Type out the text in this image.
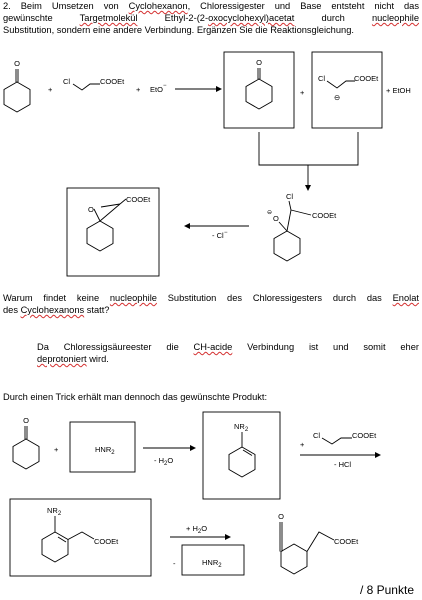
2. Beim Umsetzen von Cyclohexanon, Chloressigester und Base entsteht nicht das
gewünschte Targetmolekül Ethyl-2-(2-oxocyclohexyl)acetat durch nucleophile
Substitution, sondern eine andere Verbindung. Ergänzen Sie die Reaktionsgleichung.
Warum findet keine nucleophile Substitution des Chloressigesters durch das Enolat
des Cyclohexanons statt?
Da Chloressigsäureester die CH-acide Verbindung ist und somit eher
deprotoniert wird.
Durch einen Trick erhält man dennoch das gewünschte Produkt:
O
+
Cl	COOEt
+ EtO −
O
+
Cl	COOEt
⊖
+ EtOH
Cl
COOEt
⊖
O
- Cl −
O
COOEt
O
+	$HNR_2$
- $H_2O$
$NR_2$
+
Cl	COOEt
- HCl
$NR_2$
COOEt
+ $H_2O$
-	$HNR_2$
O
COOEt
/ 8 Punkte
